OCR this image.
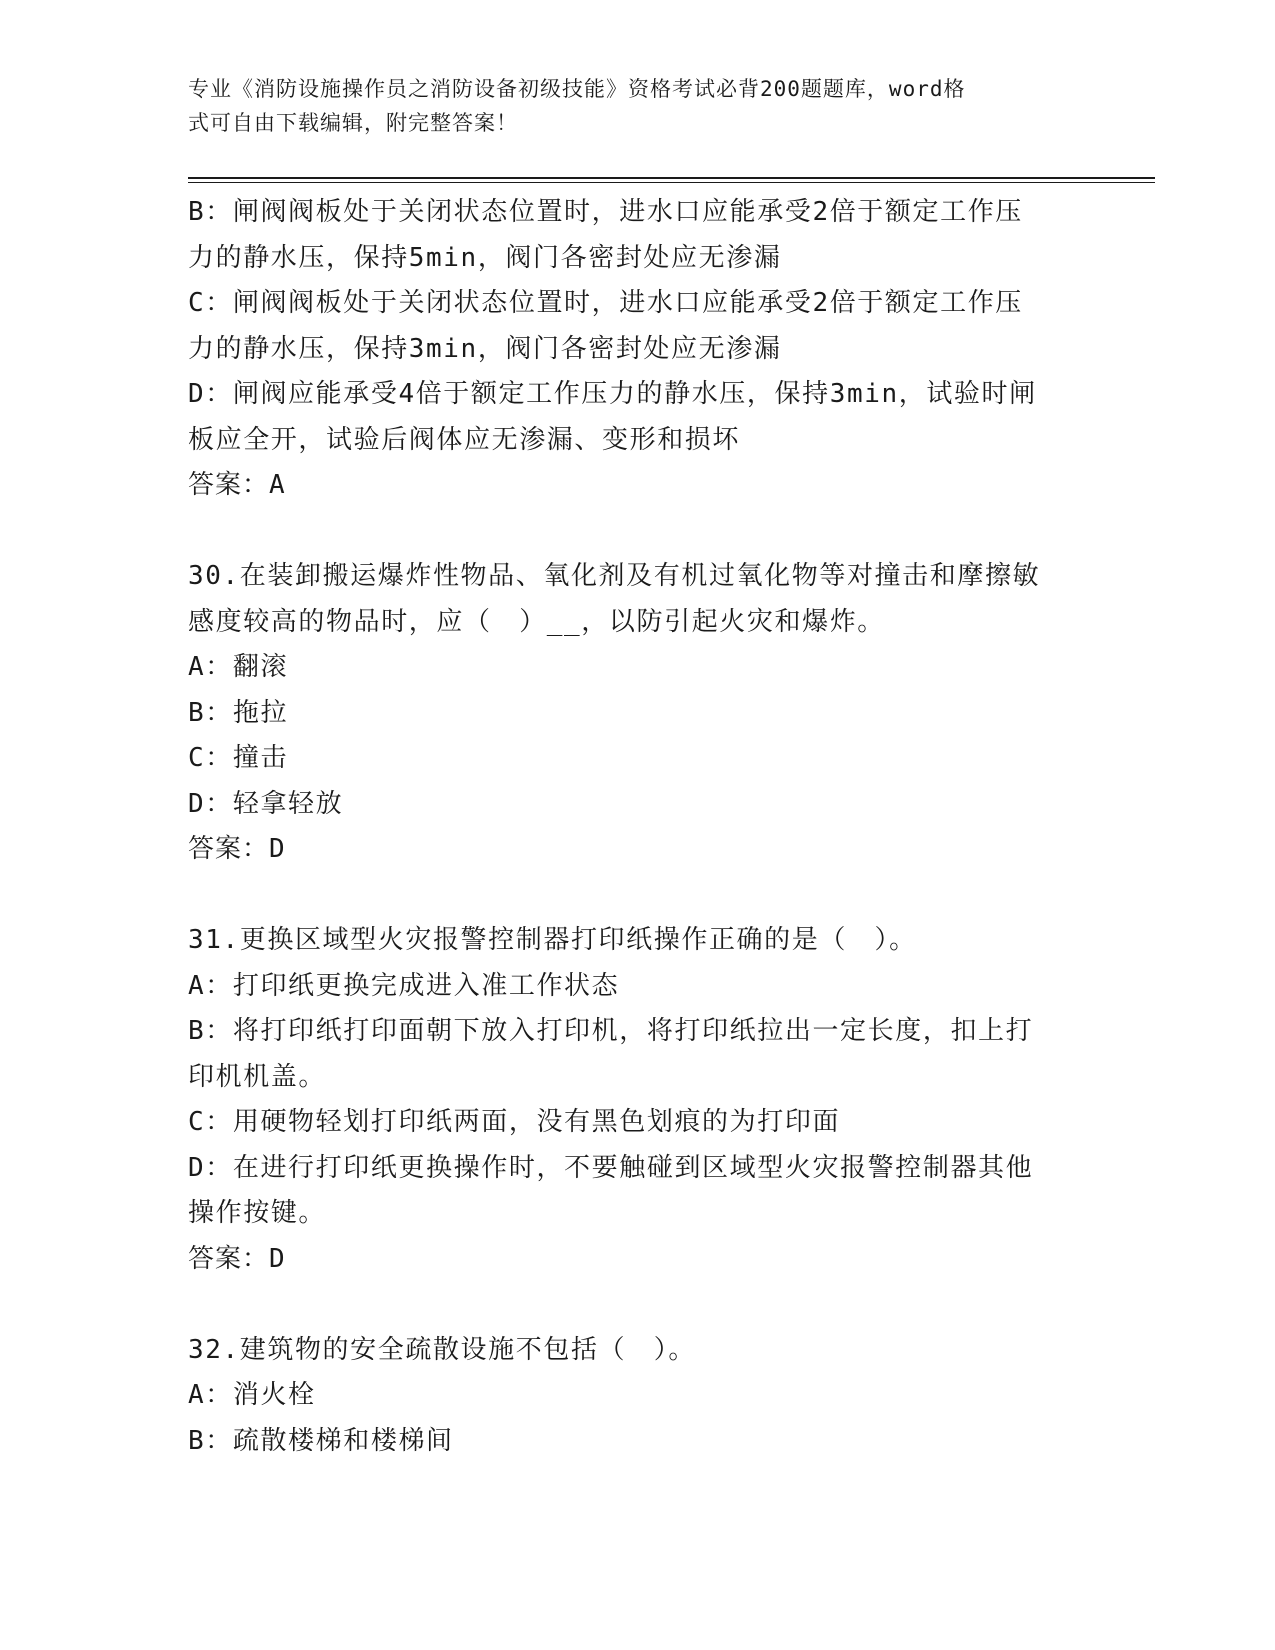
专业《消防设施操作员之消防设备初级技能》资格考试必背200题题库，word格
式可自由下载编辑，附完整答案！
B：闸阀阀板处于关闭状态位置时，进水口应能承受2倍于额定工作压
力的静水压，保持5min，阀门各密封处应无渗漏
C：闸阀阀板处于关闭状态位置时，进水口应能承受2倍于额定工作压
力的静水压，保持3min，阀门各密封处应无渗漏
D：闸阀应能承受4倍于额定工作压力的静水压，保持3min，试验时闸
板应全开，试验后阀体应无渗漏、变形和损坏
答案：A
30.在装卸搬运爆炸性物品、氧化剂及有机过氧化物等对撞击和摩擦敏
感度较高的物品时，应（　）__，以防引起火灾和爆炸。
A：翻滚
B：拖拉
C：撞击
D：轻拿轻放
答案：D
31.更换区域型火灾报警控制器打印纸操作正确的是（　）。
A：打印纸更换完成进入准工作状态
B：将打印纸打印面朝下放入打印机，将打印纸拉出一定长度，扣上打
印机机盖。
C：用硬物轻划打印纸两面，没有黑色划痕的为打印面
D：在进行打印纸更换操作时，不要触碰到区域型火灾报警控制器其他
操作按键。
答案：D
32.建筑物的安全疏散设施不包括（　）。
A：消火栓
B：疏散楼梯和楼梯间
